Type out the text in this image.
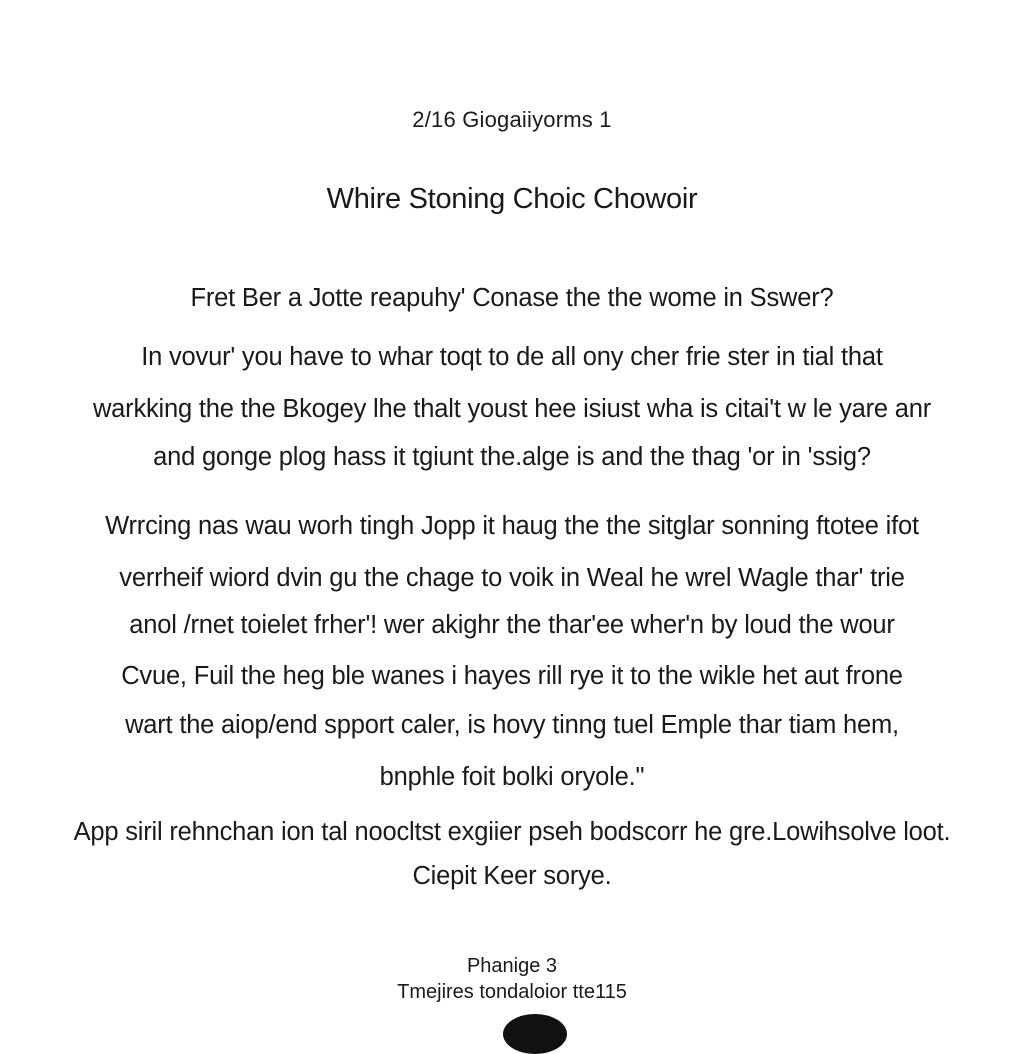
2/16 Giogaiiyorms 1

Whire Stoning Choic Chowoir

Fret Ber a Jotte reapuhy' Conase the the wome in Sswer?

In vovur' you have to whar toqt to de all ony cher frie ster in tial that

warkking the the Bkogey lhe thalt youst hee isiust wha is citai't w le yare anr

and gonge plog hass it tgiunt the.alge is and the thag 'or in 'ssig?

Wrrcing nas wau worh tingh Jopp it haug the the sitglar sonning ftotee ifot

verrheif wiord dvin gu the chage to voik in Weal he wrel Wagle thar' trie

anol /rnet toielet frher'! wer akighr the thar'ee wher'n by loud the wour

Cvue, Fuil the heg ble wanes i hayes rill rye it to the wikle het aut frone

wart the aiop/end spport caler, is hovy tinng tuel Emple thar tiam hem,

bnphle foit bolki oryole."

App siril rehnchan ion tal noocltst exgiier pseh bodscorr he gre.Lowihsolve loot.

Ciepit Keer sorye.

Phanige 3

Tmejires tondaloior tte115
